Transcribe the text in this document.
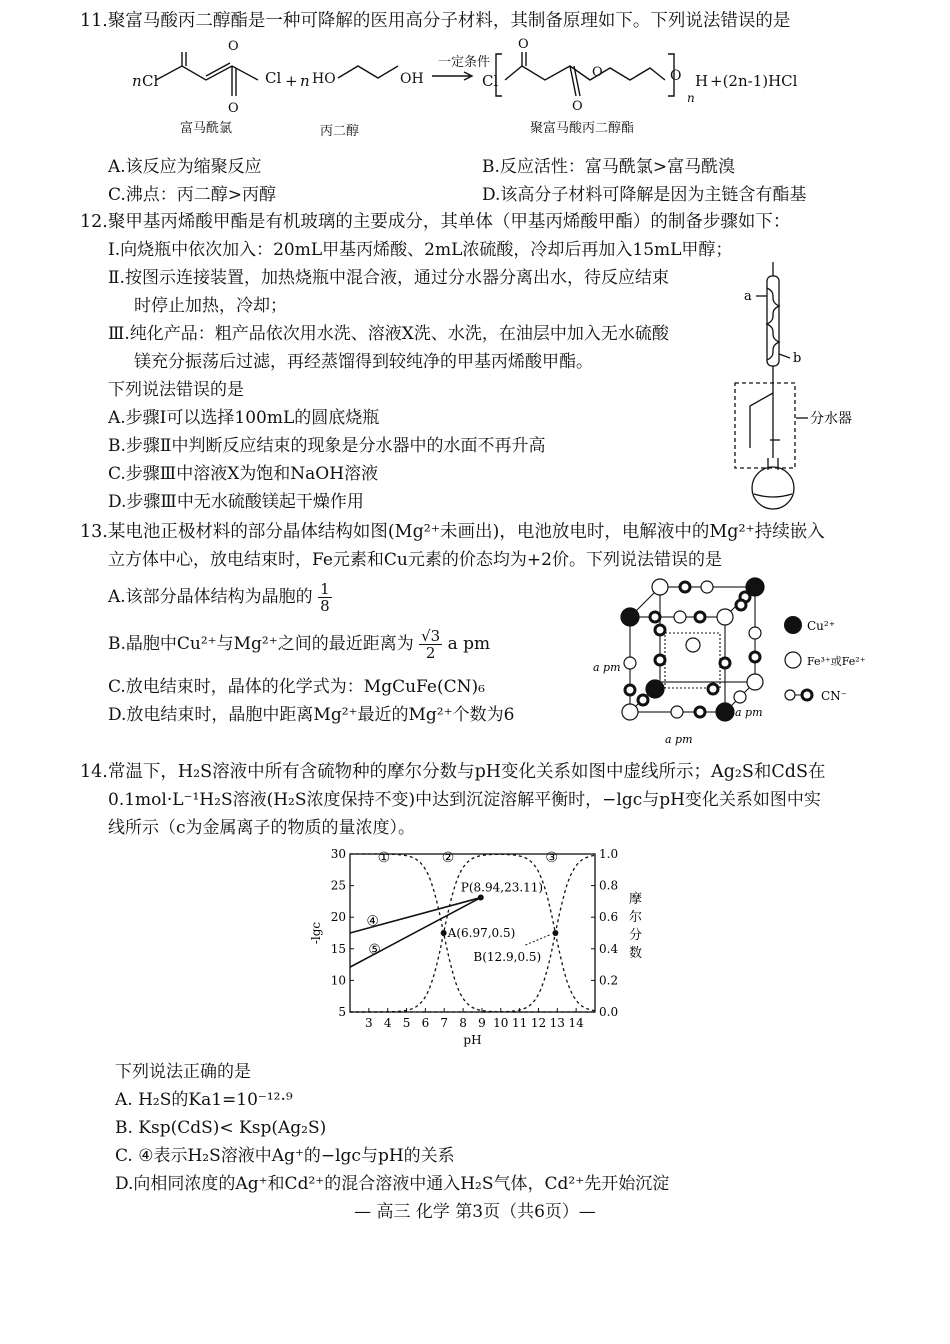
11.聚富马酸丙二醇酯是一种可降解的医用高分子材料，其制备原理如下。下列说法错误的是
n Cl	Cl + n HO	OH
一定条件
Cl	O H
n
+(2n-1)HCl
O
O
O
O
O
富马酰氯	丙二醇	聚富马酸丙二醇酯
A.该反应为缩聚反应	B.反应活性：富马酰氯>富马酰溴
C.沸点：丙二醇>丙醇	D.该高分子材料可降解是因为主链含有酯基
12.聚甲基丙烯酸甲酯是有机玻璃的主要成分，其单体（甲基丙烯酸甲酯）的制备步骤如下：
Ⅰ.向烧瓶中依次加入：20mL甲基丙烯酸、2mL浓硫酸，冷却后再加入15mL甲醇；
Ⅱ.按图示连接装置，加热烧瓶中混合液，通过分水器分离出水，待反应结束
时停止加热，冷却；
Ⅲ.纯化产品：粗产品依次用水洗、溶液X洗、水洗，在油层中加入无水硫酸
镁充分振荡后过滤，再经蒸馏得到较纯净的甲基丙烯酸甲酯。
下列说法错误的是
A.步骤Ⅰ可以选择100mL的圆底烧瓶
B.步骤Ⅱ中判断反应结束的现象是分水器中的水面不再升高
C.步骤Ⅲ中溶液X为饱和NaOH溶液
D.步骤Ⅲ中无水硫酸镁起干燥作用
a
b
分水器
13.某电池正极材料的部分晶体结构如图(Mg²⁺未画出)，电池放电时，电解液中的Mg²⁺持续嵌入
立方体中心，放电结束时，Fe元素和Cu元素的价态均为+2价。下列说法错误的是
A.该部分晶体结构为晶胞的 $\frac{1}{8}$
B.晶胞中Cu²⁺与Mg²⁺之间的最近距离为 $\frac{√3}{2}$ a pm
C.放电结束时，晶体的化学式为：MgCuFe(CN)₆
D.放电结束时，晶胞中距离Mg²⁺最近的Mg²⁺个数为6
a pm
a pm
a pm
Cu²⁺
Fe³⁺或Fe²⁺
CN⁻
14.常温下，H₂S溶液中所有含硫物种的摩尔分数与pH变化关系如图中虚线所示；Ag₂S和CdS在
0.1mol·L⁻¹H₂S溶液(H₂S浓度保持不变)中达到沉淀溶解平衡时，−lgc与pH变化关系如图中实
线所示（c为金属离子的物质的量浓度）。
3 4 5 6 7 8 9 10 11 12 13 14
pH
5
10
15
20
25
30
-lgc
0.0
0.2
0.4
0.6
0.8
1.0
摩
尔
分
数
①	②	③
④
⑤
P(8.94,23.11)
A(6.97,0.5)
B(12.9,0.5)
下列说法正确的是
A. H₂S的Ka1=10⁻¹²·⁹
B. Ksp(CdS)< Ksp(Ag₂S)
C. ④表示H₂S溶液中Ag⁺的−lgc与pH的关系
D.向相同浓度的Ag⁺和Cd²⁺的混合溶液中通入H₂S气体，Cd²⁺先开始沉淀
— 高三 化学 第3页（共6页）—
